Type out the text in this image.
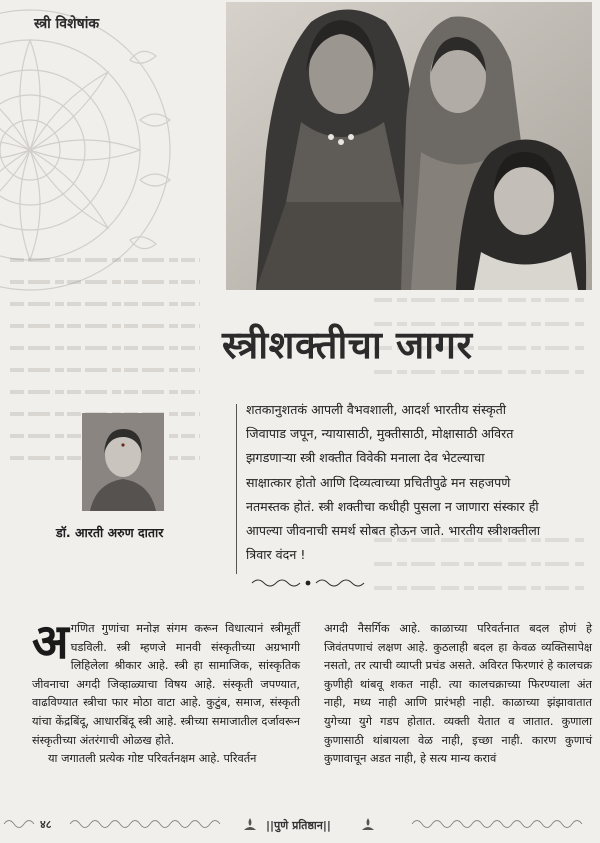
स्त्री विशेषांक
स्त्रीशक्तीचा जागर
शतकानुशतकं आपली वैभवशाली, आदर्श भारतीय संस्कृती
जिवापाड जपून, न्यायासाठी, मुक्तीसाठी, मोक्षासाठी अविरत
झगडणाऱ्या स्त्री शक्तीत विवेकी मनाला देव भेटल्याचा
साक्षात्कार होतो आणि दिव्यत्वाच्या प्रचितीपुढे मन सहजपणे
नतमस्तक होतं. स्त्री शक्तीचा कधीही पुसला न जाणारा संस्कार ही
आपल्या जीवनाची समर्थ सोबत होऊन जाते. भारतीय स्त्रीशक्तीला
त्रिवार वंदन !
डॉ. आरती अरुण दातार

अगणित गुणांचा मनोज्ञ संगम करून विधात्यानं स्त्रीमूर्ती घडविली. स्त्री म्हणजे मानवी संस्कृतीच्या अग्रभागी लिहिलेला श्रीकार आहे. स्त्री हा सामाजिक, सांस्कृतिक जीवनाचा अगदी जिव्हाळ्याचा विषय आहे. संस्कृती जपण्यात, वाढविण्यात स्त्रीचा फार मोठा वाटा आहे. कुटुंब, समाज, संस्कृती यांचा केंद्रबिंदू, आधारबिंदू स्त्री आहे. स्त्रीच्या समाजातील दर्जावरून संस्कृतीच्या अंतरंगाची ओळख होते.

या जगातली प्रत्येक गोष्ट परिवर्तनक्षम आहे. परिवर्तन

अगदी नैसर्गिक आहे. काळाच्या परिवर्तनात बदल होणं हे जिवंतपणाचं लक्षण आहे. कुठलाही बदल हा केवळ व्यक्तिसापेक्ष नसतो, तर त्याची व्याप्ती प्रचंड असते. अविरत फिरणारं हे कालचक्र कुणीही थांबवू शकत नाही. त्या कालचक्राच्या फिरण्याला अंत नाही, मध्य नाही आणि प्रारंभही नाही. काळाच्या झंझावातात युगेच्या युगे गडप होतात. व्यक्ती येतात व जातात. कुणाला कुणासाठी थांबायला वेळ नाही, इच्छा नाही. कारण कुणाचं कुणावाचून अडत नाही, हे सत्य मान्य करावं

४८	||पुणे प्रतिष्ठान||
